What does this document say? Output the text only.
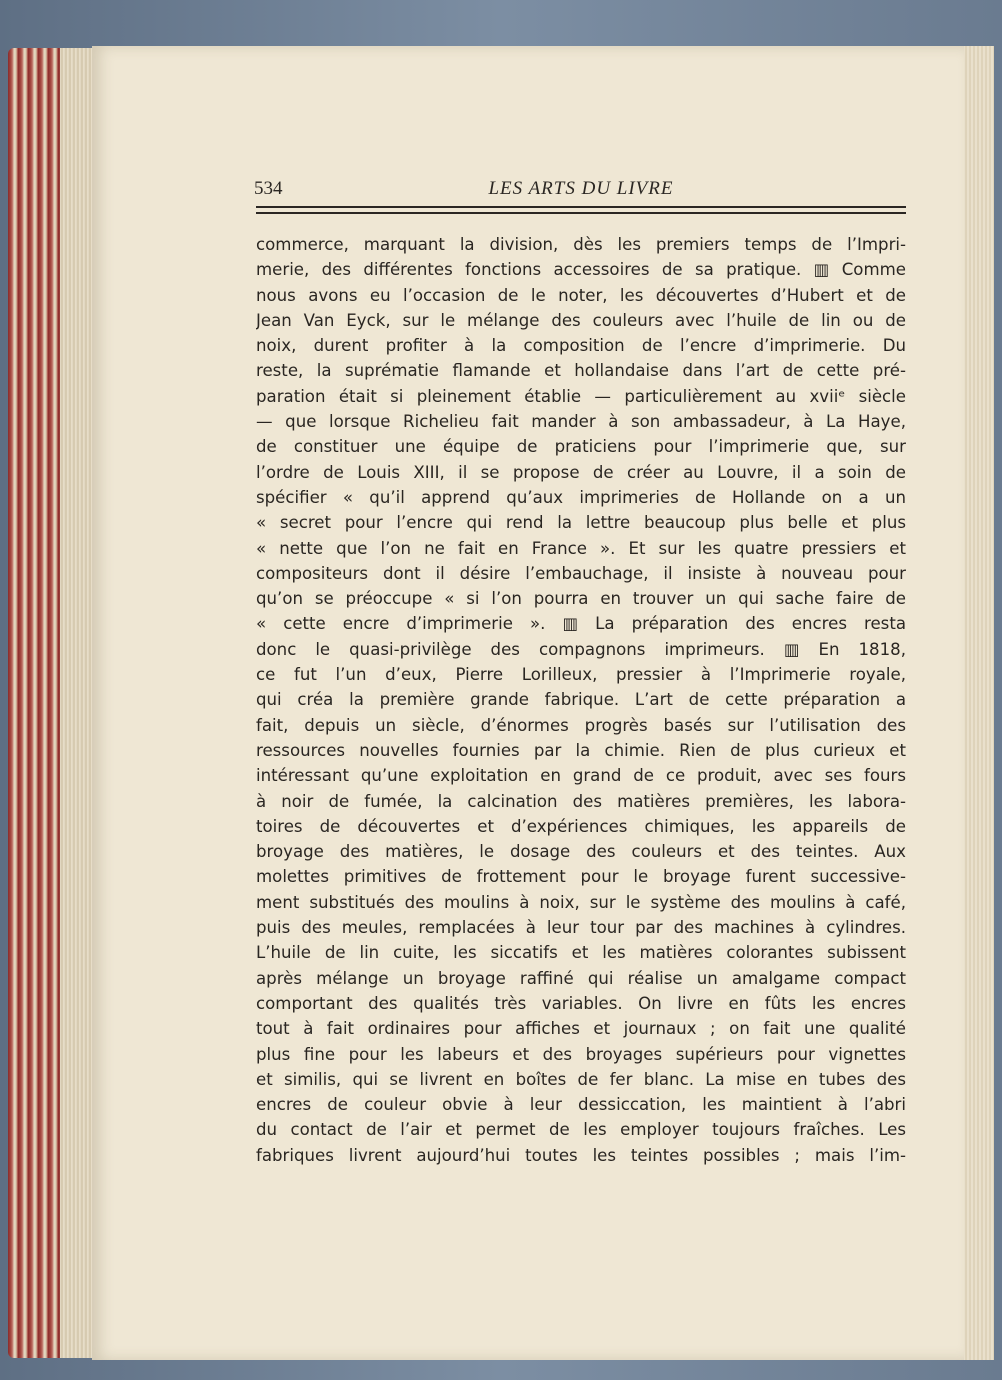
534	LES ARTS DU LIVRE
commerce, marquant la division, dès les premiers temps de l’Impri-
merie, des différentes fonctions accessoires de sa pratique. ▥ Comme
nous avons eu l’occasion de le noter, les découvertes d’Hubert et de
Jean Van Eyck, sur le mélange des couleurs avec l’huile de lin ou de
noix, durent profiter à la composition de l’encre d’imprimerie. Du
reste, la suprématie flamande et hollandaise dans l’art de cette pré-
paration était si pleinement établie — particulièrement au xviiᵉ siècle
— que lorsque Richelieu fait mander à son ambassadeur, à La Haye,
de constituer une équipe de praticiens pour l’imprimerie que, sur
l’ordre de Louis XIII, il se propose de créer au Louvre, il a soin de
spécifier « qu’il apprend qu’aux imprimeries de Hollande on a un
« secret pour l’encre qui rend la lettre beaucoup plus belle et plus
« nette que l’on ne fait en France ». Et sur les quatre pressiers et
compositeurs dont il désire l’embauchage, il insiste à nouveau pour
qu’on se préoccupe « si l’on pourra en trouver un qui sache faire de
« cette encre d’imprimerie ». ▥ La préparation des encres resta
donc le quasi-privilège des compagnons imprimeurs. ▥ En 1818,
ce fut l’un d’eux, Pierre Lorilleux, pressier à l’Imprimerie royale,
qui créa la première grande fabrique. L’art de cette préparation a
fait, depuis un siècle, d’énormes progrès basés sur l’utilisation des
ressources nouvelles fournies par la chimie. Rien de plus curieux et
intéressant qu’une exploitation en grand de ce produit, avec ses fours
à noir de fumée, la calcination des matières premières, les labora-
toires de découvertes et d’expériences chimiques, les appareils de
broyage des matières, le dosage des couleurs et des teintes. Aux
molettes primitives de frottement pour le broyage furent successive-
ment substitués des moulins à noix, sur le système des moulins à café,
puis des meules, remplacées à leur tour par des machines à cylindres.
L’huile de lin cuite, les siccatifs et les matières colorantes subissent
après mélange un broyage raffiné qui réalise un amalgame compact
comportant des qualités très variables. On livre en fûts les encres
tout à fait ordinaires pour affiches et journaux ; on fait une qualité
plus fine pour les labeurs et des broyages supérieurs pour vignettes
et similis, qui se livrent en boîtes de fer blanc. La mise en tubes des
encres de couleur obvie à leur dessiccation, les maintient à l’abri
du contact de l’air et permet de les employer toujours fraîches. Les
fabriques livrent aujourd’hui toutes les teintes possibles ; mais l’im-
